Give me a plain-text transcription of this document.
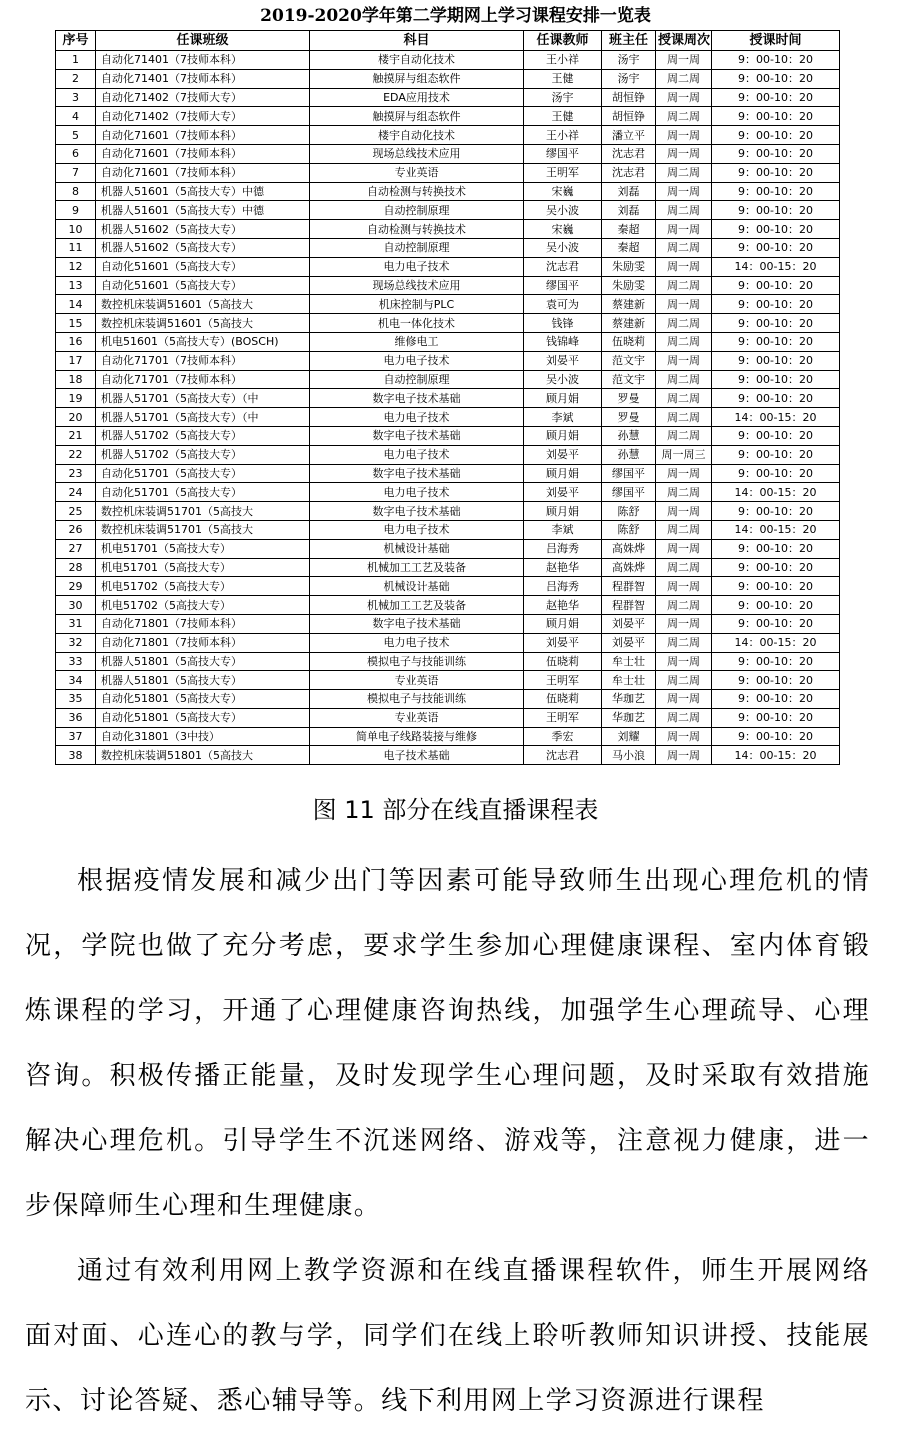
2019-2020学年第二学期网上学习课程安排一览表
序号	任课班级	科目	任课教师	班主任	授课周次	授课时间
1	自动化71401（7技师本科）	楼宇自动化技术	王小祥	汤宇	周一周	9：00-10：20
2	自动化71401（7技师本科）	触摸屏与组态软件	王健	汤宇	周二周	9：00-10：20
3	自动化71402（7技师大专）	EDA应用技术	汤宇	胡恒铮	周一周	9：00-10：20
4	自动化71402（7技师大专）	触摸屏与组态软件	王健	胡恒铮	周二周	9：00-10：20
5	自动化71601（7技师本科）	楼宇自动化技术	王小祥	潘立平	周一周	9：00-10：20
6	自动化71601（7技师本科）	现场总线技术应用	缪国平	沈志君	周一周	9：00-10：20
7	自动化71601（7技师本科）	专业英语	王明军	沈志君	周二周	9：00-10：20
8	机器人51601（5高技大专）中德	自动检测与转换技术	宋巍	刘磊	周一周	9：00-10：20
9	机器人51601（5高技大专）中德	自动控制原理	吴小波	刘磊	周二周	9：00-10：20
10	机器人51602（5高技大专）	自动检测与转换技术	宋巍	秦超	周一周	9：00-10：20
11	机器人51602（5高技大专）	自动控制原理	吴小波	秦超	周二周	9：00-10：20
12	自动化51601（5高技大专）	电力电子技术	沈志君	朱励雯	周一周	14：00-15：20
13	自动化51601（5高技大专）	现场总线技术应用	缪国平	朱励雯	周二周	9：00-10：20
14	数控机床装调51601（5高技大	机床控制与PLC	袁可为	蔡建新	周一周	9：00-10：20
15	数控机床装调51601（5高技大	机电一体化技术	钱锋	蔡建新	周二周	9：00-10：20
16	机电51601（5高技大专）(BOSCH)	维修电工	钱锦峰	伍晓莉	周二周	9：00-10：20
17	自动化71701（7技师本科）	电力电子技术	刘晏平	范文宇	周一周	9：00-10：20
18	自动化71701（7技师本科）	自动控制原理	吴小波	范文宇	周二周	9：00-10：20
19	机器人51701（5高技大专）（中	数字电子技术基础	顾月娟	罗曼	周二周	9：00-10：20
20	机器人51701（5高技大专）（中	电力电子技术	李斌	罗曼	周二周	14：00-15：20
21	机器人51702（5高技大专）	数字电子技术基础	顾月娟	孙慧	周二周	9：00-10：20
22	机器人51702（5高技大专）	电力电子技术	刘晏平	孙慧	周一周三	9：00-10：20
23	自动化51701（5高技大专）	数字电子技术基础	顾月娟	缪国平	周一周	9：00-10：20
24	自动化51701（5高技大专）	电力电子技术	刘晏平	缪国平	周二周	14：00-15：20
25	数控机床装调51701（5高技大	数字电子技术基础	顾月娟	陈舒	周一周	9：00-10：20
26	数控机床装调51701（5高技大	电力电子技术	李斌	陈舒	周二周	14：00-15：20
27	机电51701（5高技大专）	机械设计基础	吕海秀	高姝烨	周一周	9：00-10：20
28	机电51701（5高技大专）	机械加工工艺及装备	赵艳华	高姝烨	周二周	9：00-10：20
29	机电51702（5高技大专）	机械设计基础	吕海秀	程群智	周一周	9：00-10：20
30	机电51702（5高技大专）	机械加工工艺及装备	赵艳华	程群智	周二周	9：00-10：20
31	自动化71801（7技师本科）	数字电子技术基础	顾月娟	刘晏平	周一周	9：00-10：20
32	自动化71801（7技师本科）	电力电子技术	刘晏平	刘晏平	周二周	14：00-15：20
33	机器人51801（5高技大专）	模拟电子与技能训练	伍晓莉	牟士壮	周一周	9：00-10：20
34	机器人51801（5高技大专）	专业英语	王明军	牟士壮	周二周	9：00-10：20
35	自动化51801（5高技大专）	模拟电子与技能训练	伍晓莉	华珈艺	周一周	9：00-10：20
36	自动化51801（5高技大专）	专业英语	王明军	华珈艺	周二周	9：00-10：20
37	自动化31801（3中技）	简单电子线路装接与维修	季宏	刘耀	周一周	9：00-10：20
38	数控机床装调51801（5高技大	电子技术基础	沈志君	马小浪	周一周	14：00-15：20
图 11 部分在线直播课程表

根据疫情发展和减少出门等因素可能导致师生出现心理危机的情况，学院也做了充分考虑，要求学生参加心理健康课程、室内体育锻炼课程的学习，开通了心理健康咨询热线，加强学生心理疏导、心理咨询。积极传播正能量，及时发现学生心理问题，及时采取有效措施解决心理危机。引导学生不沉迷网络、游戏等，注意视力健康，进一步保障师生心理和生理健康。

通过有效利用网上教学资源和在线直播课程软件，师生开展网络面对面、心连心的教与学，同学们在线上聆听教师知识讲授、技能展示、讨论答疑、悉心辅导等。线下利用网上学习资源进行课程
